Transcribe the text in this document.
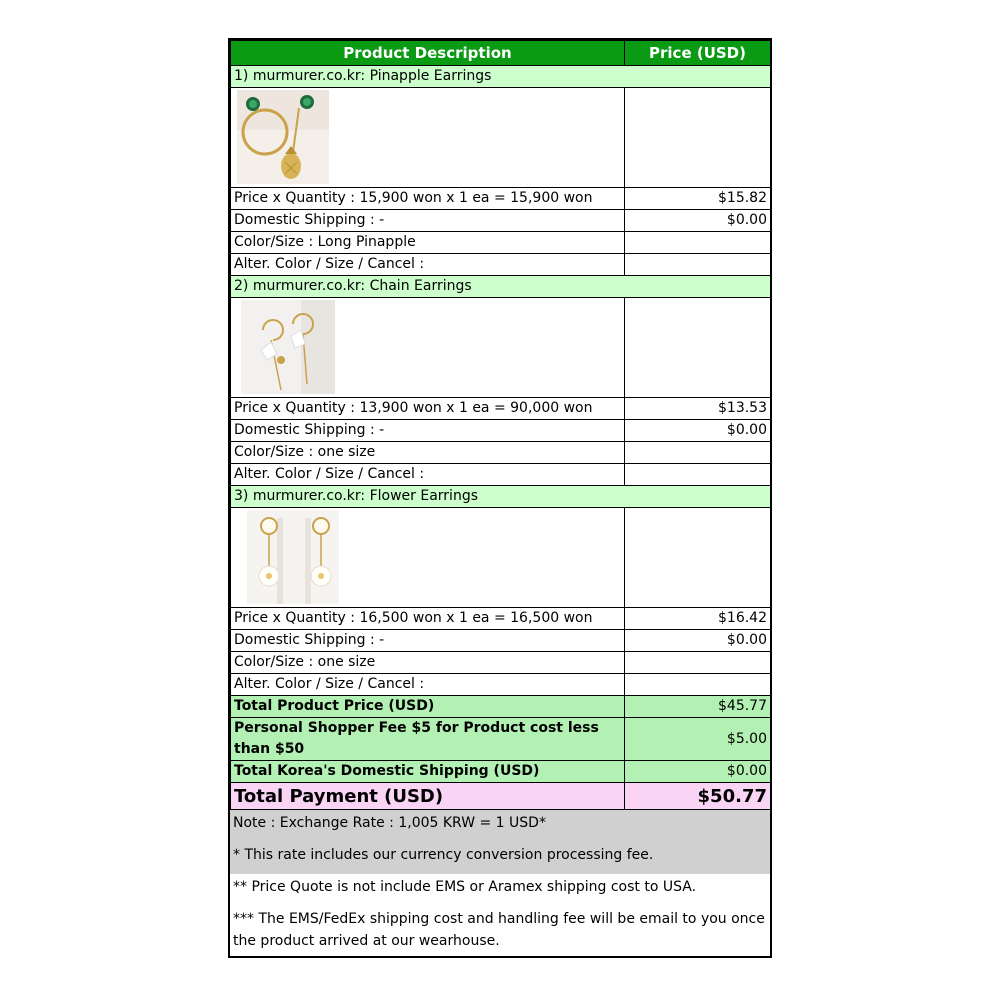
Product Description	Price (USD)
1) murmurer.co.kr: Pinapple Earrings	

Price x Quantity : 15,900 won x 1 ea = 15,900 won	$15.82
Domestic Shipping : -	$0.00
Color/Size : Long Pinapple	
Alter. Color / Size / Cancel :	
2) murmurer.co.kr: Chain Earrings	

Price x Quantity : 13,900 won x 1 ea = 90,000 won	$13.53
Domestic Shipping : -	$0.00
Color/Size : one size	
Alter. Color / Size / Cancel :	
3) murmurer.co.kr: Flower Earrings	

Price x Quantity : 16,500 won x 1 ea = 16,500 won	$16.42
Domestic Shipping : -	$0.00
Color/Size : one size	
Alter. Color / Size / Cancel :	
Total Product Price (USD)	$45.77
Personal Shopper Fee $5 for Product cost less than $50	$5.00
Total Korea's Domestic Shipping (USD)	$0.00
Total Payment (USD)	$50.77

Note : Exchange Rate : 1,005 KRW = 1 USD*

* This rate includes our currency conversion processing fee.

** Price Quote is not include EMS or Aramex shipping cost to USA.

*** The EMS/FedEx shipping cost and handling fee will be email to you once the product arrived at our wearhouse.
